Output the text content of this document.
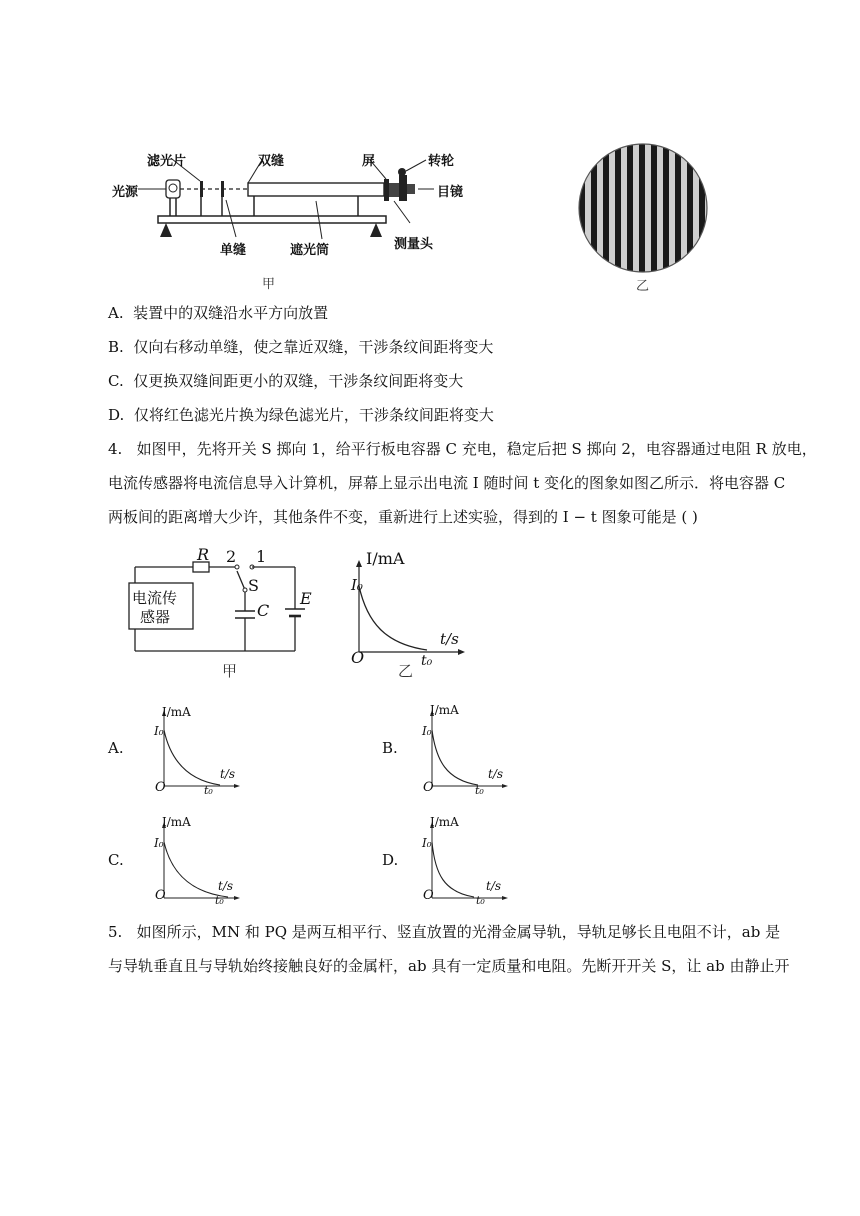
滤光片	双缝	屏	转轮
光源	目镜
单缝	遮光筒	测量头
甲	乙
A. 装置中的双缝沿水平方向放置
B. 仅向右移动单缝，使之靠近双缝，干涉条纹间距将变大
C. 仅更换双缝间距更小的双缝，干涉条纹间距将变大
D. 仅将红色滤光片换为绿色滤光片，干涉条纹间距将变大
4. 如图甲，先将开关 S 掷向 1，给平行板电容器 C 充电，稳定后把 S 掷向 2，电容器通过电阻 R 放电，
电流传感器将电流信息导入计算机，屏幕上显示出电流 I 随时间 t 变化的图象如图乙所示．将电容器 C
两板间的距离增大少许，其他条件不变，重新进行上述实验，得到的 I − t 图象可能是 ( )
R 2 1
S
C
E
电流传
感器
甲
I/mA
I₀
t/s
O	t₀
乙
A.
I/mA
I₀
t/s
O	t₀
B.
I/mA
I₀
t/s
O	t₀
C.
I/mA
I₀
t/s
O	t₀
D.
I/mA
I₀
t/s
O	t₀
5. 如图所示，MN 和 PQ 是两互相平行、竖直放置的光滑金属导轨，导轨足够长且电阻不计，ab 是
与导轨垂直且与导轨始终接触良好的金属杆，ab 具有一定质量和电阻。先断开开关 S，让 ab 由静止开
